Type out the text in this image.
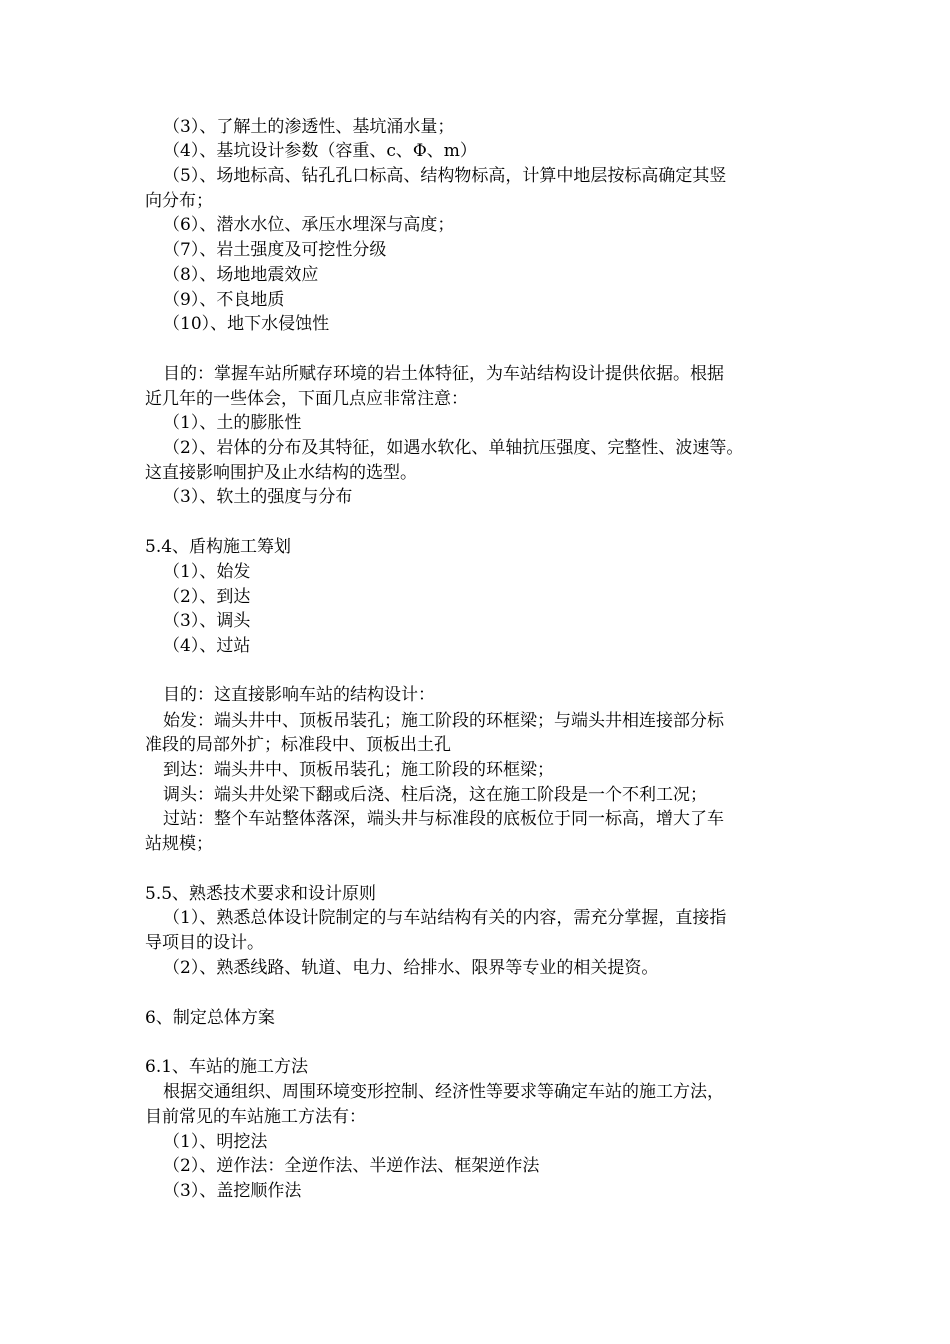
（3）、了解土的渗透性、基坑涌水量；
（4）、基坑设计参数（容重、c、Φ、m）
（5）、场地标高、钻孔孔口标高、结构物标高，计算中地层按标高确定其竖
向分布；
（6）、潜水水位、承压水埋深与高度；
（7）、岩土强度及可挖性分级
（8）、场地地震效应
（9）、不良地质
（10）、地下水侵蚀性
目的：掌握车站所赋存环境的岩土体特征，为车站结构设计提供依据。根据
近几年的一些体会，下面几点应非常注意：
（1）、土的膨胀性
（2）、岩体的分布及其特征，如遇水软化、单轴抗压强度、完整性、波速等。
这直接影响围护及止水结构的选型。
（3）、软土的强度与分布
5.4、盾构施工筹划
（1）、始发
（2）、到达
（3）、调头
（4）、过站
目的：这直接影响车站的结构设计：
始发：端头井中、顶板吊装孔；施工阶段的环框梁；与端头井相连接部分标
准段的局部外扩；标准段中、顶板出土孔
到达：端头井中、顶板吊装孔；施工阶段的环框梁；
调头：端头井处梁下翻或后浇、柱后浇，这在施工阶段是一个不利工况；
过站：整个车站整体落深，端头井与标准段的底板位于同一标高，增大了车
站规模；
5.5、熟悉技术要求和设计原则
（1）、熟悉总体设计院制定的与车站结构有关的内容，需充分掌握，直接指
导项目的设计。
（2）、熟悉线路、轨道、电力、给排水、限界等专业的相关提资。
6、制定总体方案
6.1、车站的施工方法
根据交通组织、周围环境变形控制、经济性等要求等确定车站的施工方法，
目前常见的车站施工方法有：
（1）、明挖法
（2）、逆作法：全逆作法、半逆作法、框架逆作法
（3）、盖挖顺作法
